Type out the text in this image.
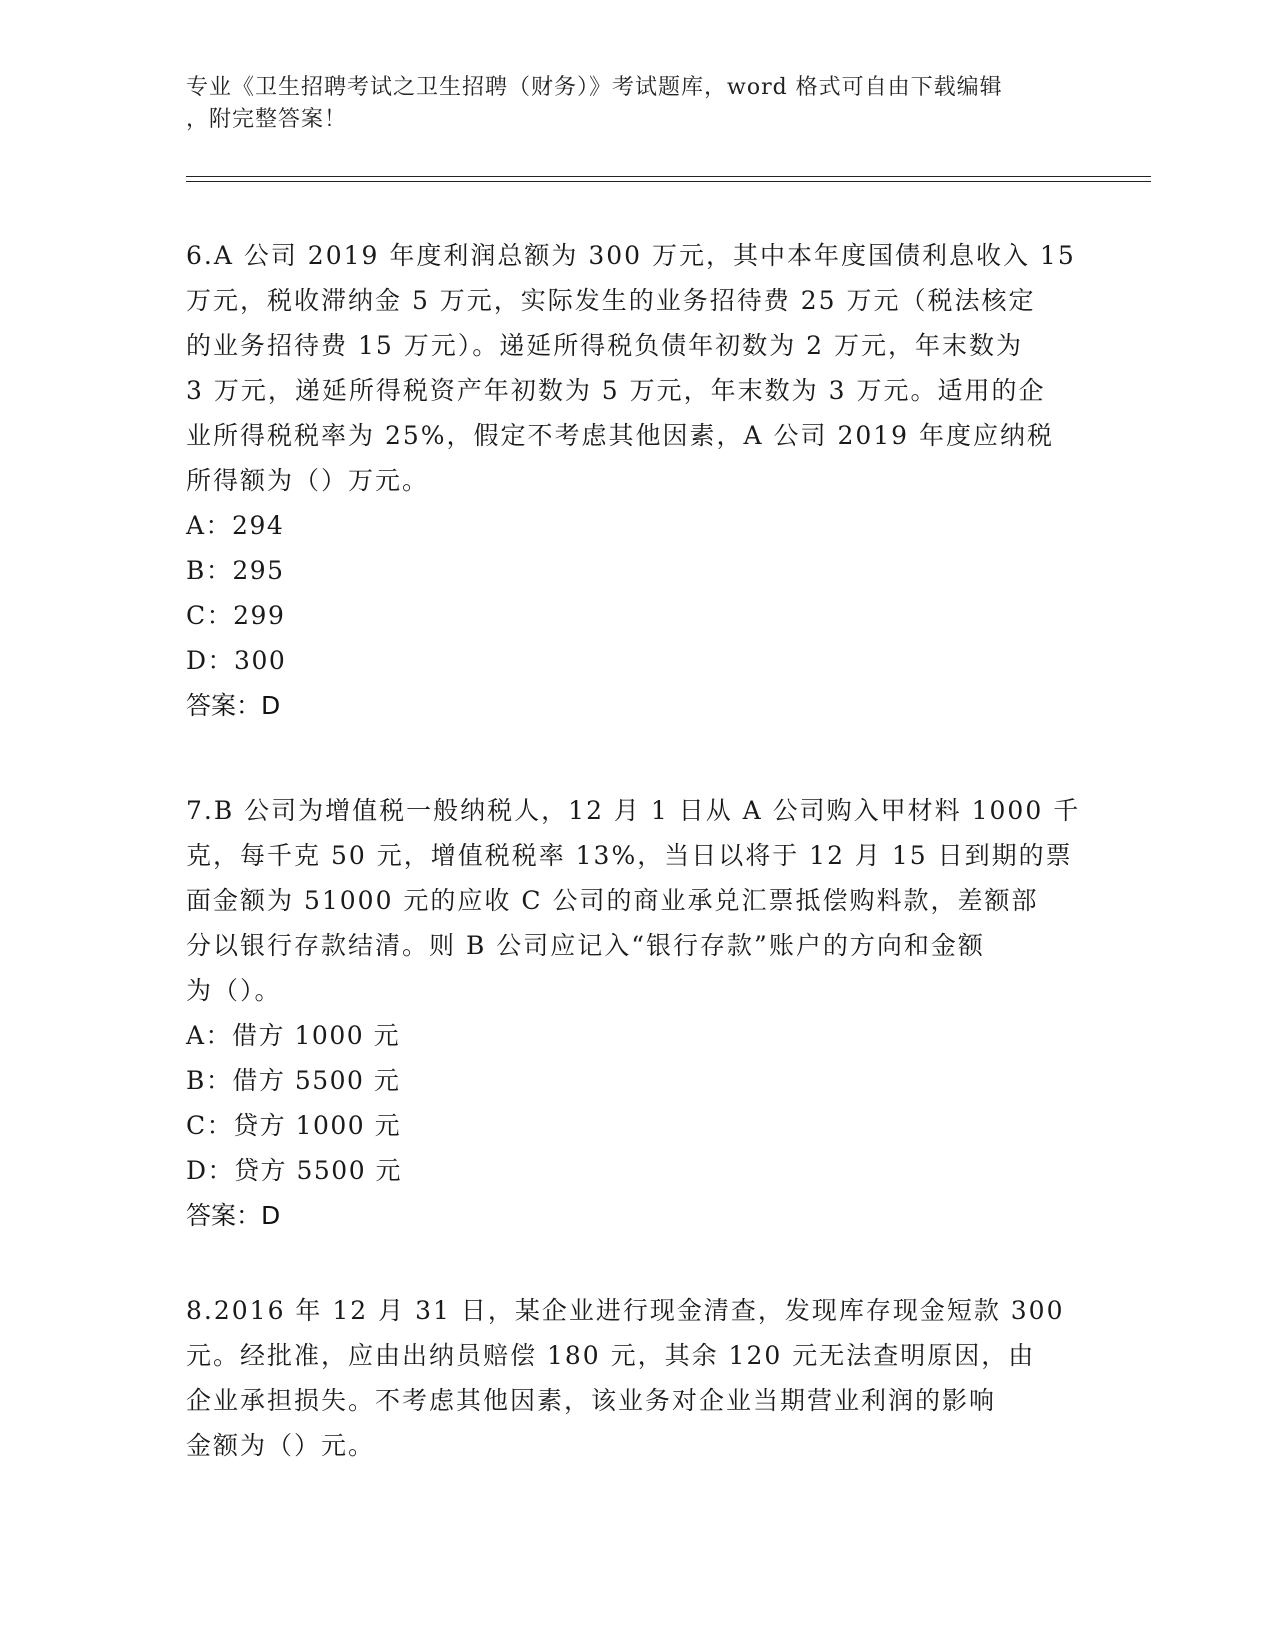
专业《卫生招聘考试之卫生招聘（财务）》考试题库，word 格式可自由下载编辑
，附完整答案！
6.A 公司 2019 年度利润总额为 300 万元，其中本年度国债利息收入 15
万元，税收滞纳金 5 万元，实际发生的业务招待费 25 万元（税法核定
的业务招待费 15 万元）。递延所得税负债年初数为 2 万元，年末数为
3 万元，递延所得税资产年初数为 5 万元，年末数为 3 万元。适用的企
业所得税税率为 25%，假定不考虑其他因素，A 公司 2019 年度应纳税
所得额为（）万元。
A：294
B：295
C：299
D：300
答案：D
7.B 公司为增值税一般纳税人，12 月 1 日从 A 公司购入甲材料 1000 千
克，每千克 50 元，增值税税率 13%，当日以将于 12 月 15 日到期的票
面金额为 51000 元的应收 C 公司的商业承兑汇票抵偿购料款，差额部
分以银行存款结清。则 B 公司应记入“银行存款”账户的方向和金额
为（）。
A：借方 1000 元
B：借方 5500 元
C：贷方 1000 元
D：贷方 5500 元
答案：D
8.2016 年 12 月 31 日，某企业进行现金清查，发现库存现金短款 300
元。经批准，应由出纳员赔偿 180 元，其余 120 元无法查明原因，由
企业承担损失。不考虑其他因素，该业务对企业当期营业利润的影响
金额为（）元。
